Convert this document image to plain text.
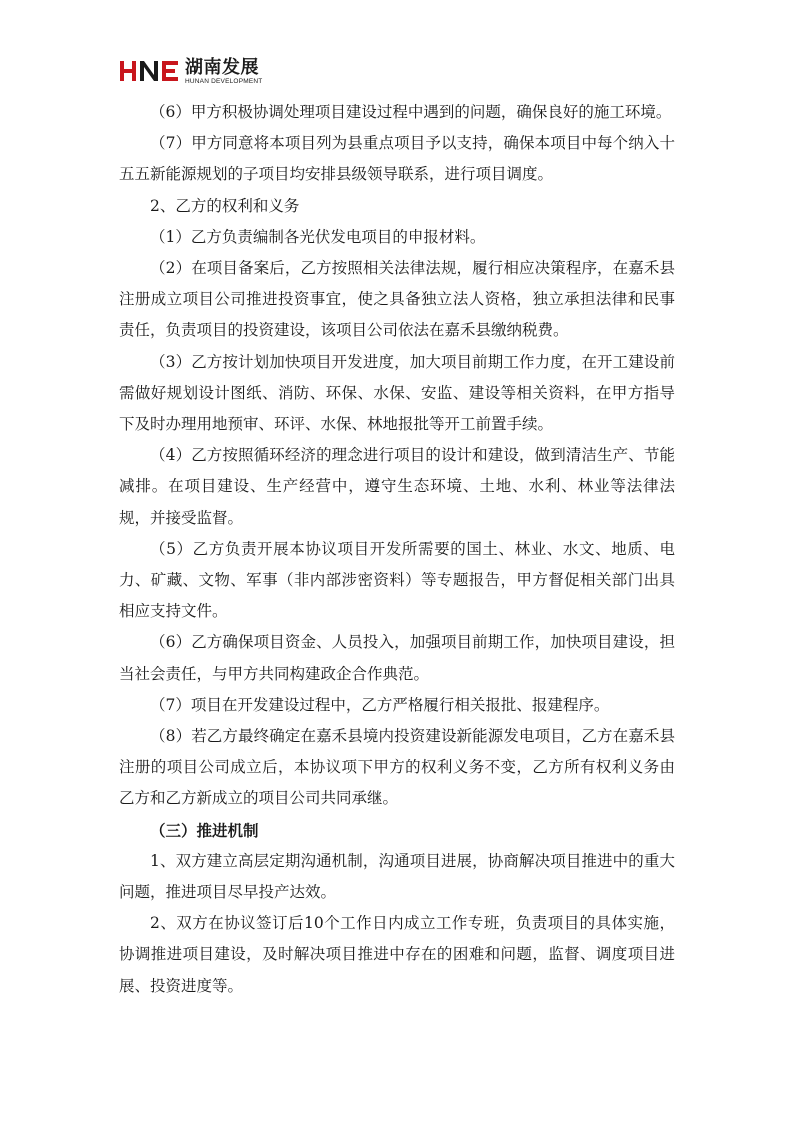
湖南发展
HUNAN DEVELOPMENT

（6）甲方积极协调处理项目建设过程中遇到的问题，确保良好的施工环境。

（7）甲方同意将本项目列为县重点项目予以支持，确保本项目中每个纳入十五五新能源规划的子项目均安排县级领导联系，进行项目调度。

2、乙方的权利和义务

（1）乙方负责编制各光伏发电项目的申报材料。

（2）在项目备案后，乙方按照相关法律法规，履行相应决策程序，在嘉禾县注册成立项目公司推进投资事宜，使之具备独立法人资格，独立承担法律和民事责任，负责项目的投资建设，该项目公司依法在嘉禾县缴纳税费。

（3）乙方按计划加快项目开发进度，加大项目前期工作力度，在开工建设前需做好规划设计图纸、消防、环保、水保、安监、建设等相关资料，在甲方指导下及时办理用地预审、环评、水保、林地报批等开工前置手续。

（4）乙方按照循环经济的理念进行项目的设计和建设，做到清洁生产、节能减排。在项目建设、生产经营中，遵守生态环境、土地、水利、林业等法律法规，并接受监督。

（5）乙方负责开展本协议项目开发所需要的国土、林业、水文、地质、电力、矿藏、文物、军事（非内部涉密资料）等专题报告，甲方督促相关部门出具相应支持文件。

（6）乙方确保项目资金、人员投入，加强项目前期工作，加快项目建设，担当社会责任，与甲方共同构建政企合作典范。

（7）项目在开发建设过程中，乙方严格履行相关报批、报建程序。

（8）若乙方最终确定在嘉禾县境内投资建设新能源发电项目，乙方在嘉禾县注册的项目公司成立后，本协议项下甲方的权利义务不变，乙方所有权利义务由乙方和乙方新成立的项目公司共同承继。

（三）推进机制

1、双方建立高层定期沟通机制，沟通项目进展，协商解决项目推进中的重大问题，推进项目尽早投产达效。

2、双方在协议签订后10个工作日内成立工作专班，负责项目的具体实施，协调推进项目建设，及时解决项目推进中存在的困难和问题，监督、调度项目进展、投资进度等。
